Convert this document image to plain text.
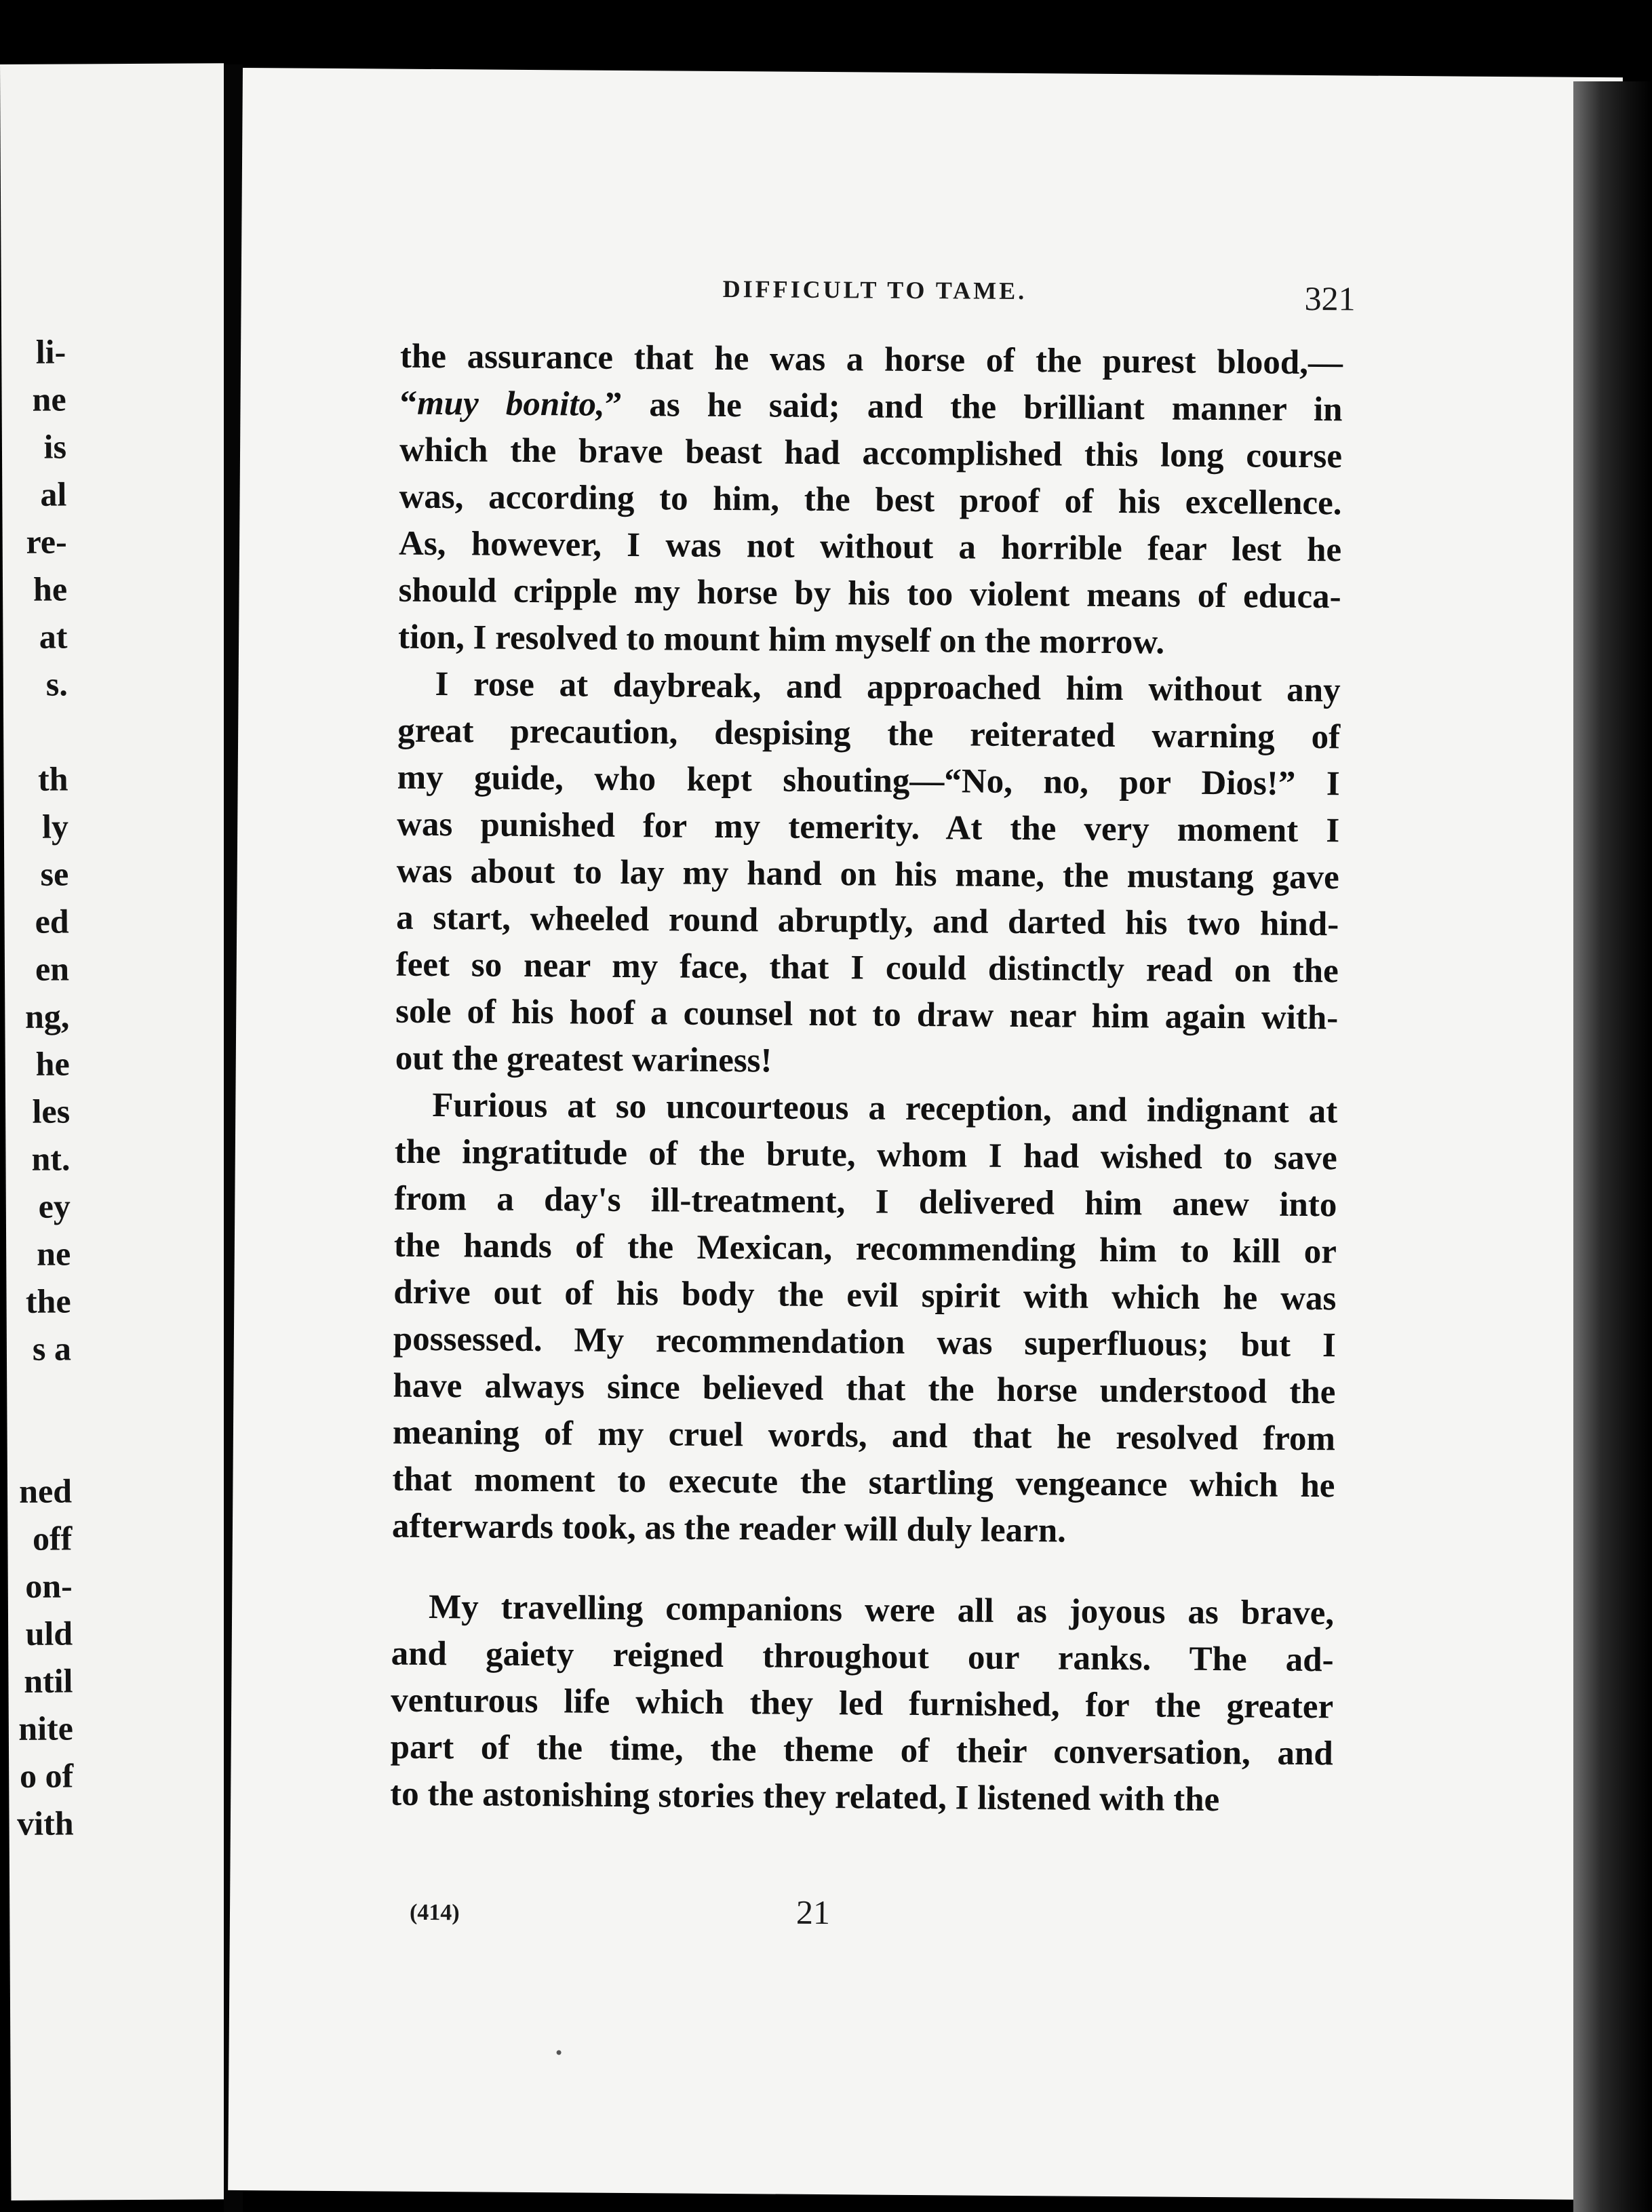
li-
ne
is
al
re-
he
at
s.
th
ly
se
ed
en
ng,
he
les
nt.
ey
ne
the
s a
ned
off
on-
uld
ntil
nite
o of
vith
DIFFICULT TO TAME.	321
the assurance that he was a horse of the purest blood,—
“muy bonito,” as he said; and the brilliant manner in
which the brave beast had accomplished this long course
was, according to him, the best proof of his excellence.
As, however, I was not without a horrible fear lest he
should cripple my horse by his too violent means of educa-
tion, I resolved to mount him myself on the morrow.
I rose at daybreak, and approached him without any
great precaution, despising the reiterated warning of
my guide, who kept shouting—“No, no, por Dios!” I
was punished for my temerity. At the very moment I
was about to lay my hand on his mane, the mustang gave
a start, wheeled round abruptly, and darted his two hind-
feet so near my face, that I could distinctly read on the
sole of his hoof a counsel not to draw near him again with-
out the greatest wariness!
Furious at so uncourteous a reception, and indignant at
the ingratitude of the brute, whom I had wished to save
from a day's ill-treatment, I delivered him anew into
the hands of the Mexican, recommending him to kill or
drive out of his body the evil spirit with which he was
possessed. My recommendation was superfluous; but I
have always since believed that the horse understood the
meaning of my cruel words, and that he resolved from
that moment to execute the startling vengeance which he
afterwards took, as the reader will duly learn.
My travelling companions were all as joyous as brave,
and gaiety reigned throughout our ranks. The ad-
venturous life which they led furnished, for the greater
part of the time, the theme of their conversation, and
to the astonishing stories they related, I listened with the
(414)	21
